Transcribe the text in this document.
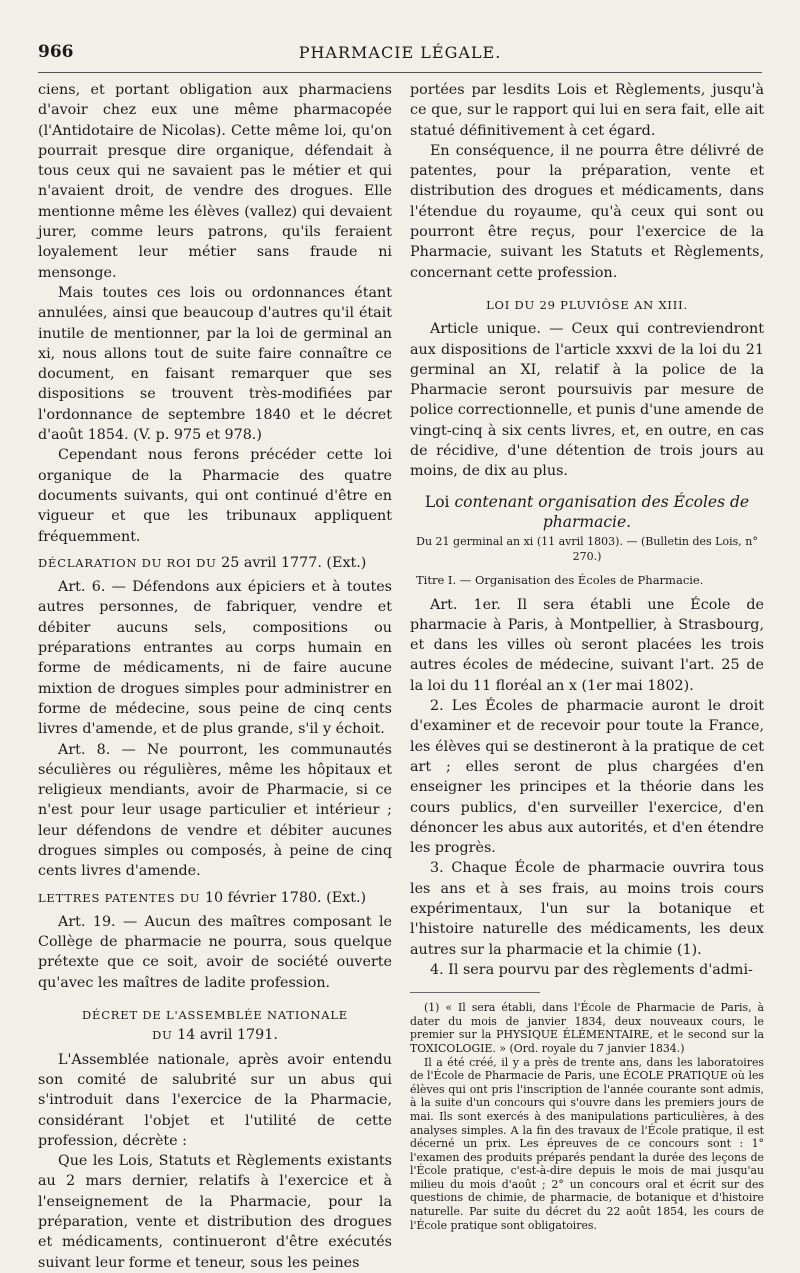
966	PHARMACIE LÉGALE.

ciens, et portant obligation aux pharmaciens d'avoir chez eux une même pharmacopée (l'Antidotaire de Nicolas). Cette même loi, qu'on pourrait presque dire organique, défendait à tous ceux qui ne savaient pas le métier et qui n'avaient droit, de vendre des drogues. Elle mentionne même les élèves (vallez) qui devaient jurer, comme leurs patrons, qu'ils feraient loyalement leur métier sans fraude ni mensonge.

Mais toutes ces lois ou ordonnances étant annulées, ainsi que beaucoup d'autres qu'il était inutile de mentionner, par la loi de germinal an xi, nous allons tout de suite faire connaître ce document, en faisant remarquer que ses dispositions se trouvent très-modifiées par l'ordonnance de septembre 1840 et le décret d'août 1854. (V. p. 975 et 978.)

Cependant nous ferons précéder cette loi organique de la Pharmacie des quatre documents suivants, qui ont continué d'être en vigueur et que les tribunaux appliquent fréquemment.

DÉCLARATION DU ROI DU 25 avril 1777. (Ext.)

Art. 6. — Défendons aux épiciers et à toutes autres personnes, de fabriquer, vendre et débiter aucuns sels, compositions ou préparations entrantes au corps humain en forme de médicaments, ni de faire aucune mixtion de drogues simples pour administrer en forme de médecine, sous peine de cinq cents livres d'amende, et de plus grande, s'il y échoit.

Art. 8. — Ne pourront, les communautés séculières ou régulières, même les hôpitaux et religieux mendiants, avoir de Pharmacie, si ce n'est pour leur usage particulier et intérieur ; leur défendons de vendre et débiter aucunes drogues simples ou composés, à peine de cinq cents livres d'amende.

LETTRES PATENTES DU 10 février 1780. (Ext.)

Art. 19. — Aucun des maîtres composant le Collège de pharmacie ne pourra, sous quelque prétexte que ce soit, avoir de société ouverte qu'avec les maîtres de ladite profession.

DÉCRET DE L'ASSEMBLÉE NATIONALE
DU 14 avril 1791.

L'Assemblée nationale, après avoir entendu son comité de salubrité sur un abus qui s'introduit dans l'exercice de la Pharmacie, considérant l'objet et l'utilité de cette profession, décrète :

Que les Lois, Statuts et Règlements existants au 2 mars dernier, relatifs à l'exercice et à l'enseignement de la Pharmacie, pour la préparation, vente et distribution des drogues et médicaments, continueront d'être exécutés suivant leur forme et teneur, sous les peines

portées par lesdits Lois et Règlements, jusqu'à ce que, sur le rapport qui lui en sera fait, elle ait statué définitivement à cet égard.

En conséquence, il ne pourra être délivré de patentes, pour la préparation, vente et distribution des drogues et médicaments, dans l'étendue du royaume, qu'à ceux qui sont ou pourront être reçus, pour l'exercice de la Pharmacie, suivant les Statuts et Règlements, concernant cette profession.

LOI DU 29 PLUVIÔSE AN XIII.

Article unique. — Ceux qui contreviendront aux dispositions de l'article xxxvi de la loi du 21 germinal an XI, relatif à la police de la Pharmacie seront poursuivis par mesure de police correctionnelle, et punis d'une amende de vingt-cinq à six cents livres, et, en outre, en cas de récidive, d'une détention de trois jours au moins, de dix au plus.

Loi contenant organisation des Écoles de pharmacie.
Du 21 germinal an xi (11 avril 1803). — (Bulletin des Lois, n° 270.)
Titre I. — Organisation des Écoles de Pharmacie.

Art. 1er. Il sera établi une École de pharmacie à Paris, à Montpellier, à Strasbourg, et dans les villes où seront placées les trois autres écoles de médecine, suivant l'art. 25 de la loi du 11 floréal an x (1er mai 1802).

2. Les Écoles de pharmacie auront le droit d'examiner et de recevoir pour toute la France, les élèves qui se destineront à la pratique de cet art ; elles seront de plus chargées d'en enseigner les principes et la théorie dans les cours publics, d'en surveiller l'exercice, d'en dénoncer les abus aux autorités, et d'en étendre les progrès.

3. Chaque École de pharmacie ouvrira tous les ans et à ses frais, au moins trois cours expérimentaux, l'un sur la botanique et l'histoire naturelle des médicaments, les deux autres sur la pharmacie et la chimie (1).

4. Il sera pourvu par des règlements d'admi-

(1) « Il sera établi, dans l'École de Pharmacie de Paris, à dater du mois de janvier 1834, deux nouveaux cours, le premier sur la PHYSIQUE ÉLÉMENTAIRE, et le second sur la TOXICOLOGIE. » (Ord. royale du 7 janvier 1834.)

Il a été créé, il y a près de trente ans, dans les laboratoires de l'École de Pharmacie de Paris, une ÉCOLE PRATIQUE où les élèves qui ont pris l'inscription de l'année courante sont admis, à la suite d'un concours qui s'ouvre dans les premiers jours de mai. Ils sont exercés à des manipulations particulières, à des analyses simples. A la fin des travaux de l'École pratique, il est décerné un prix. Les épreuves de ce concours sont : 1° l'examen des produits préparés pendant la durée des leçons de l'École pratique, c'est-à-dire depuis le mois de mai jusqu'au milieu du mois d'août ; 2° un concours oral et écrit sur des questions de chimie, de pharmacie, de botanique et d'histoire naturelle. Par suite du décret du 22 août 1854, les cours de l'École pratique sont obligatoires.
